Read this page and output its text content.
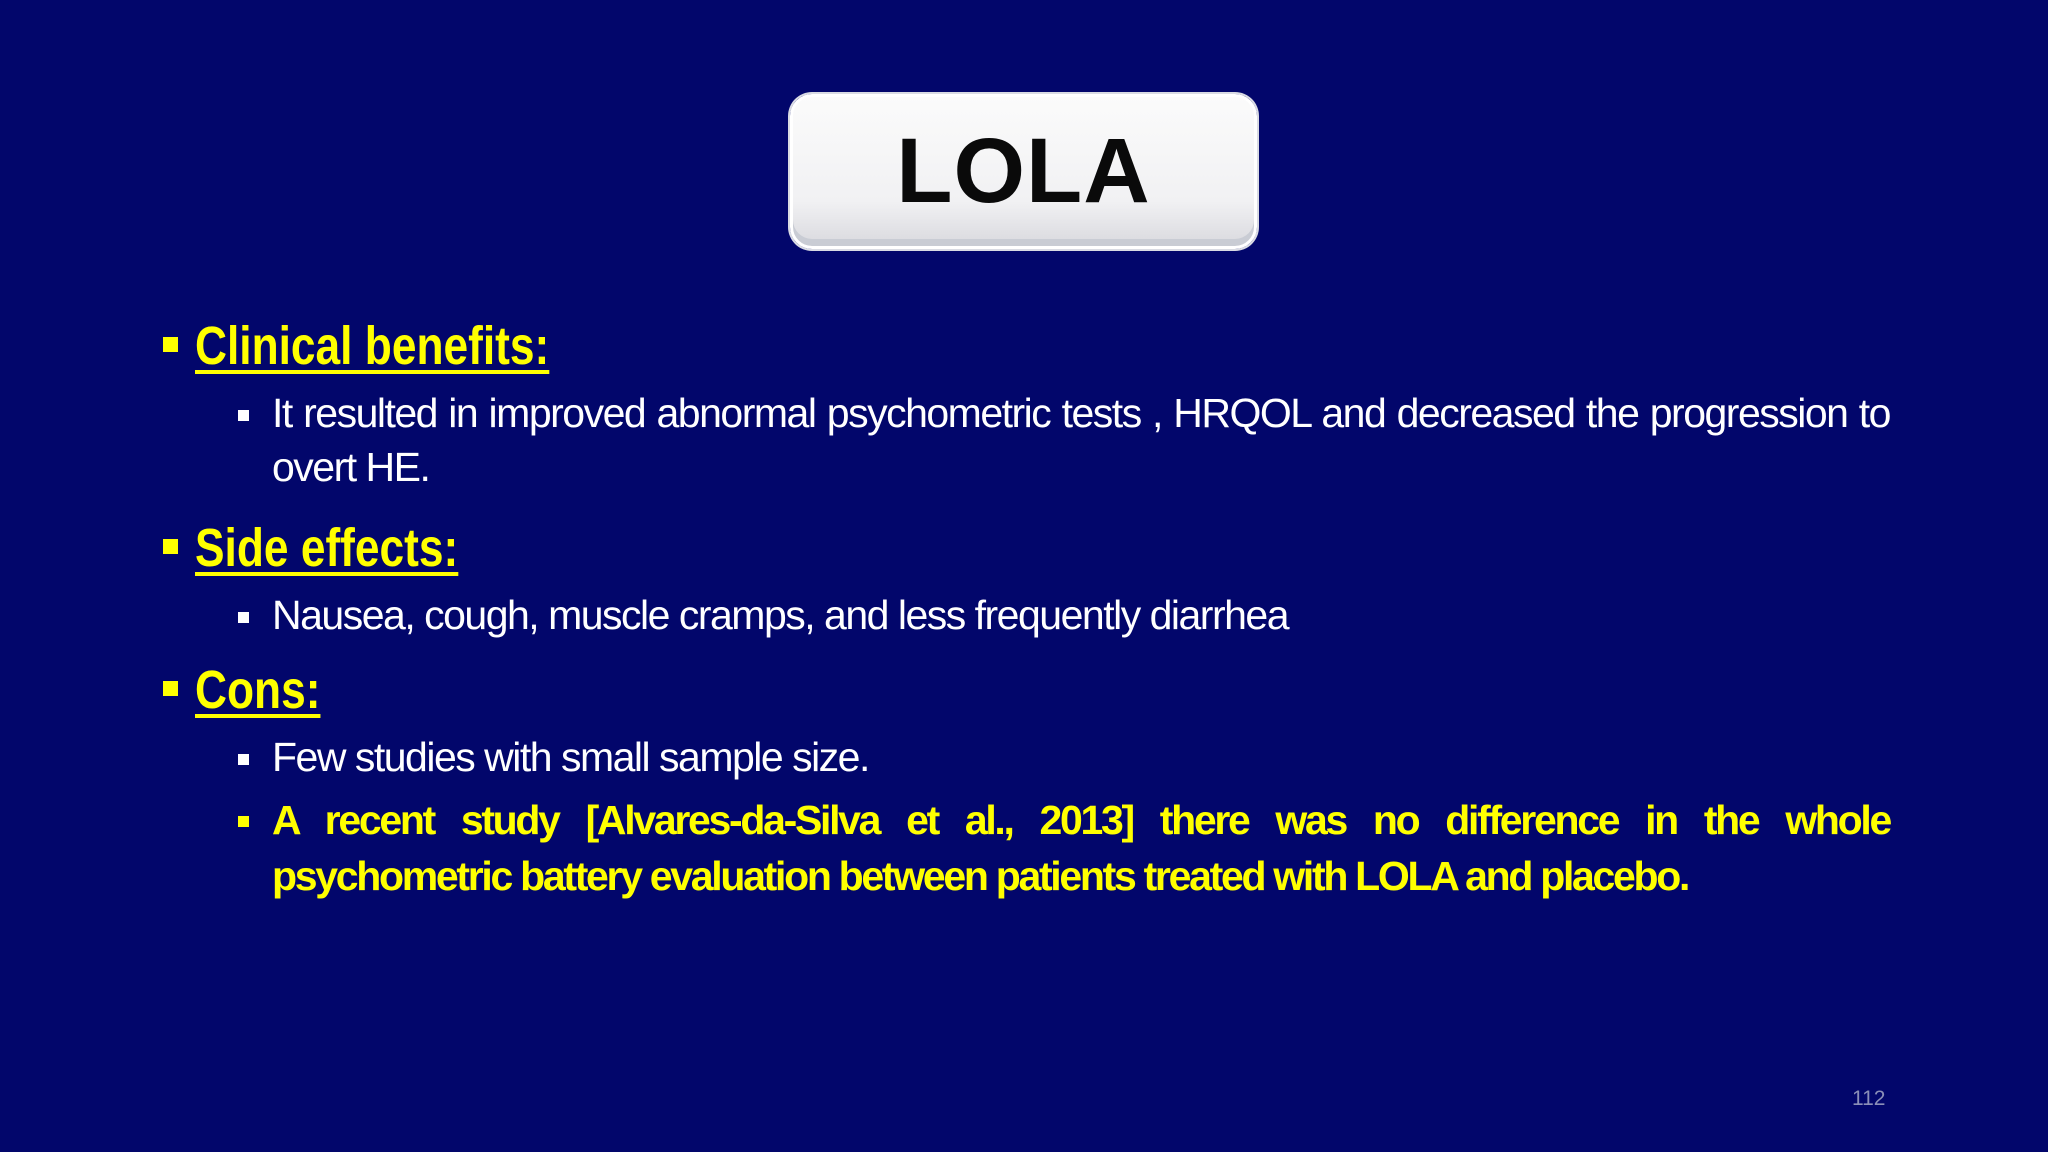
LOLA
Clinical benefits:
It resulted in improved abnormal psychometric tests , HRQOL and decreased the progression to overt HE.
Side effects:
Nausea, cough, muscle cramps, and less frequently diarrhea
Cons:
Few studies with small sample size.
A recent study [Alvares-da-Silva et al., 2013] there was no difference in the whole psychometric battery evaluation between patients treated with LOLA and placebo.
112
